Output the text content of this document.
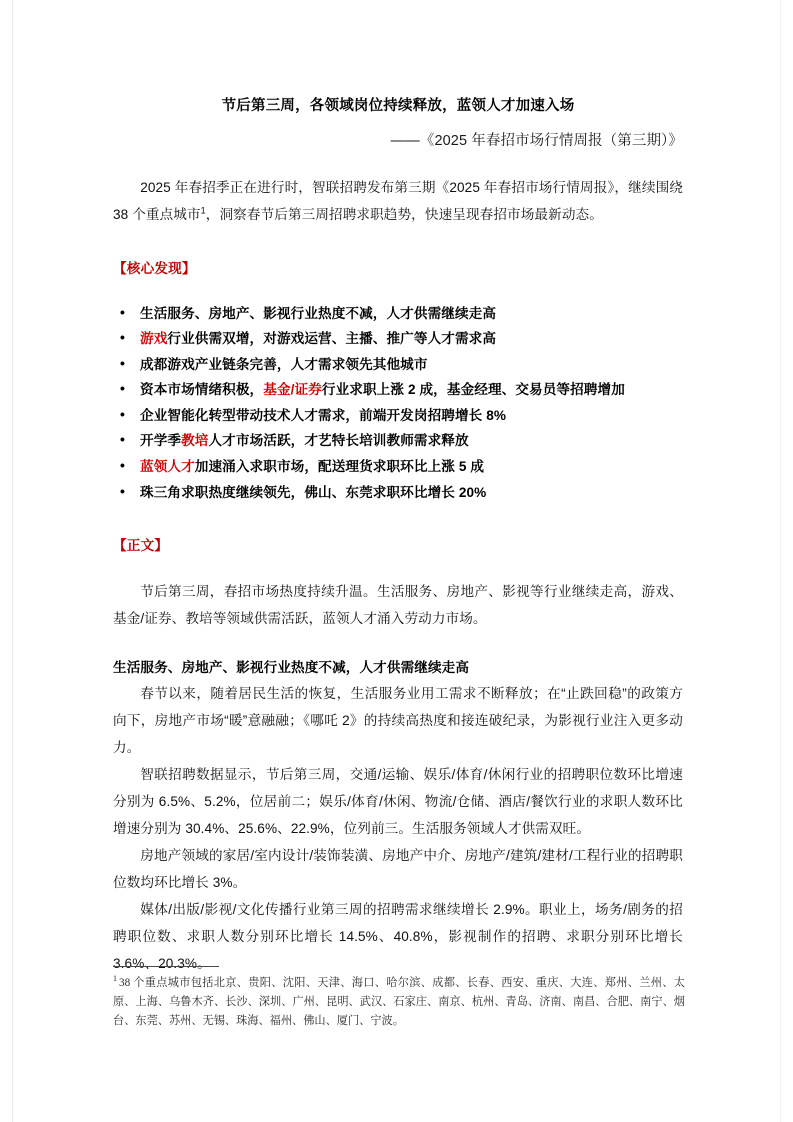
节后第三周，各领域岗位持续释放，蓝领人才加速入场
——《2025 年春招市场行情周报（第三期）》

2025 年春招季正在进行时，智联招聘发布第三期《2025 年春招市场行情周报》，继续围绕 38 个重点城市$^1$，洞察春节后第三周招聘求职趋势，快速呈现春招市场最新动态。

【核心发现】
• 生活服务、房地产、影视行业热度不减，人才供需继续走高
• 游戏行业供需双增，对游戏运营、主播、推广等人才需求高
• 成都游戏产业链条完善，人才需求领先其他城市
• 资本市场情绪积极，基金/证券行业求职上涨 2 成，基金经理、交易员等招聘增加
• 企业智能化转型带动技术人才需求，前端开发岗招聘增长 8%
• 开学季教培人才市场活跃，才艺特长培训教师需求释放
• 蓝领人才加速涌入求职市场，配送理货求职环比上涨 5 成
• 珠三角求职热度继续领先，佛山、东莞求职环比增长 20%
【正文】

节后第三周，春招市场热度持续升温。生活服务、房地产、影视等行业继续走高，游戏、基金/证券、教培等领域供需活跃，蓝领人才涌入劳动力市场。

生活服务、房地产、影视行业热度不减，人才供需继续走高

春节以来，随着居民生活的恢复，生活服务业用工需求不断释放；在“止跌回稳”的政策方向下，房地产市场“暖”意融融；《哪吒 2》的持续高热度和接连破纪录，为影视行业注入更多动力。

智联招聘数据显示，节后第三周，交通/运输、娱乐/体育/休闲行业的招聘职位数环比增速分别为 6.5%、5.2%，位居前二；娱乐/体育/休闲、物流/仓储、酒店/餐饮行业的求职人数环比增速分别为 30.4%、25.6%、22.9%，位列前三。生活服务领域人才供需双旺。

房地产领域的家居/室内设计/装饰装潢、房地产中介、房地产/建筑/建材/工程行业的招聘职位数均环比增长 3%。

媒体/出版/影视/文化传播行业第三周的招聘需求继续增长 2.9%。职业上，场务/剧务的招聘职位数、求职人数分别环比增长 14.5%、40.8%，影视制作的招聘、求职分别环比增长 3.6%、20.3%。

$^1$ 38 个重点城市包括北京、贵阳、沈阳、天津、海口、哈尔滨、成都、长春、西安、重庆、大连、郑州、兰州、太原、上海、乌鲁木齐、长沙、深圳、广州、昆明、武汉、石家庄、南京、杭州、青岛、济南、南昌、合肥、南宁、烟台、东莞、苏州、无锡、珠海、福州、佛山、厦门、宁波。
